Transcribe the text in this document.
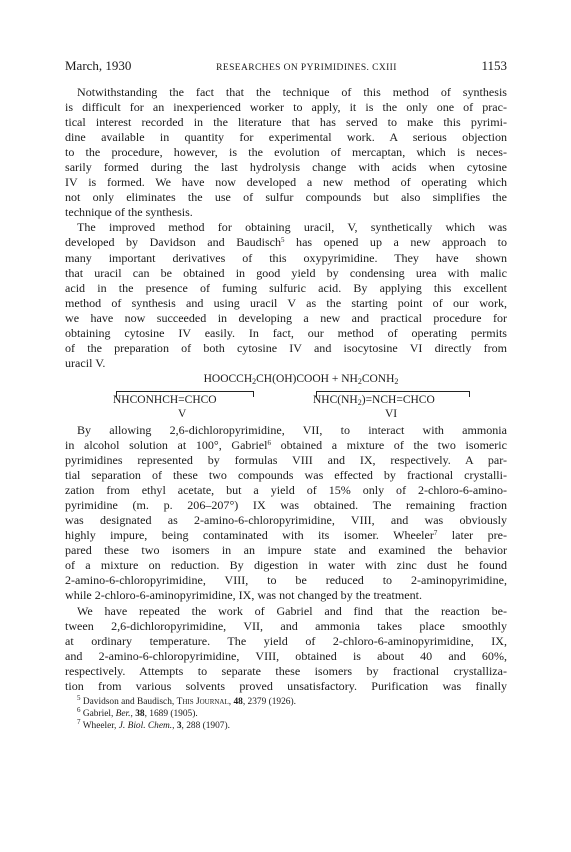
March, 1930	RESEARCHES ON PYRIMIDINES. CXIII	1153
Notwithstanding the fact that the technique of this method of synthesis
is difficult for an inexperienced worker to apply, it is the only one of prac-
tical interest recorded in the literature that has served to make this pyrimi-
dine available in quantity for experimental work. A serious objection
to the procedure, however, is the evolution of mercaptan, which is neces-
sarily formed during the last hydrolysis change with acids when cytosine
IV is formed. We have now developed a new method of operating which
not only eliminates the use of sulfur compounds but also simplifies the
technique of the synthesis.
The improved method for obtaining uracil, V, synthetically which was
developed by Davidson and Baudisch$^5$ has opened up a new approach to
many important derivatives of this oxypyrimidine. They have shown
that uracil can be obtained in good yield by condensing urea with malic
acid in the presence of fuming sulfuric acid. By applying this excellent
method of synthesis and using uracil V as the starting point of our work,
we have now succeeded in developing a new and practical procedure for
obtaining cytosine IV easily. In fact, our method of operating permits
of the preparation of both cytosine IV and isocytosine VI directly from
uracil V.
$HOOCCH_2CH(OH)COOH$ + $NH_2CONH_2$
NHCONHCH=CHCO
V
$NHC(NH_2)=NCH=CHCO$
VI
By allowing 2,6-dichloropyrimidine, VII, to interact with ammonia
in alcohol solution at 100°, Gabriel$^6$ obtained a mixture of the two isomeric
pyrimidines represented by formulas VIII and IX, respectively. A par-
tial separation of these two compounds was effected by fractional crystalli-
zation from ethyl acetate, but a yield of 15% only of 2-chloro-6-amino-
pyrimidine (m. p. 206–207°) IX was obtained. The remaining fraction
was designated as 2-amino-6-chloropyrimidine, VIII, and was obviously
highly impure, being contaminated with its isomer. Wheeler$^7$ later pre-
pared these two isomers in an impure state and examined the behavior
of a mixture on reduction. By digestion in water with zinc dust he found
2-amino-6-chloropyrimidine, VIII, to be reduced to 2-aminopyrimidine,
while 2-chloro-6-aminopyrimidine, IX, was not changed by the treatment.
We have repeated the work of Gabriel and find that the reaction be-
tween 2,6-dichloropyrimidine, VII, and ammonia takes place smoothly
at ordinary temperature. The yield of 2-chloro-6-aminopyrimidine, IX,
and 2-amino-6-chloropyrimidine, VIII, obtained is about 40 and 60%,
respectively. Attempts to separate these isomers by fractional crystalliza-
tion from various solvents proved unsatisfactory. Purification was finally
$^5$ Davidson and Baudisch, This Journal, 48, 2379 (1926).
$^6$ Gabriel, Ber., 38, 1689 (1905).
$^7$ Wheeler, J. Biol. Chem., 3, 288 (1907).
